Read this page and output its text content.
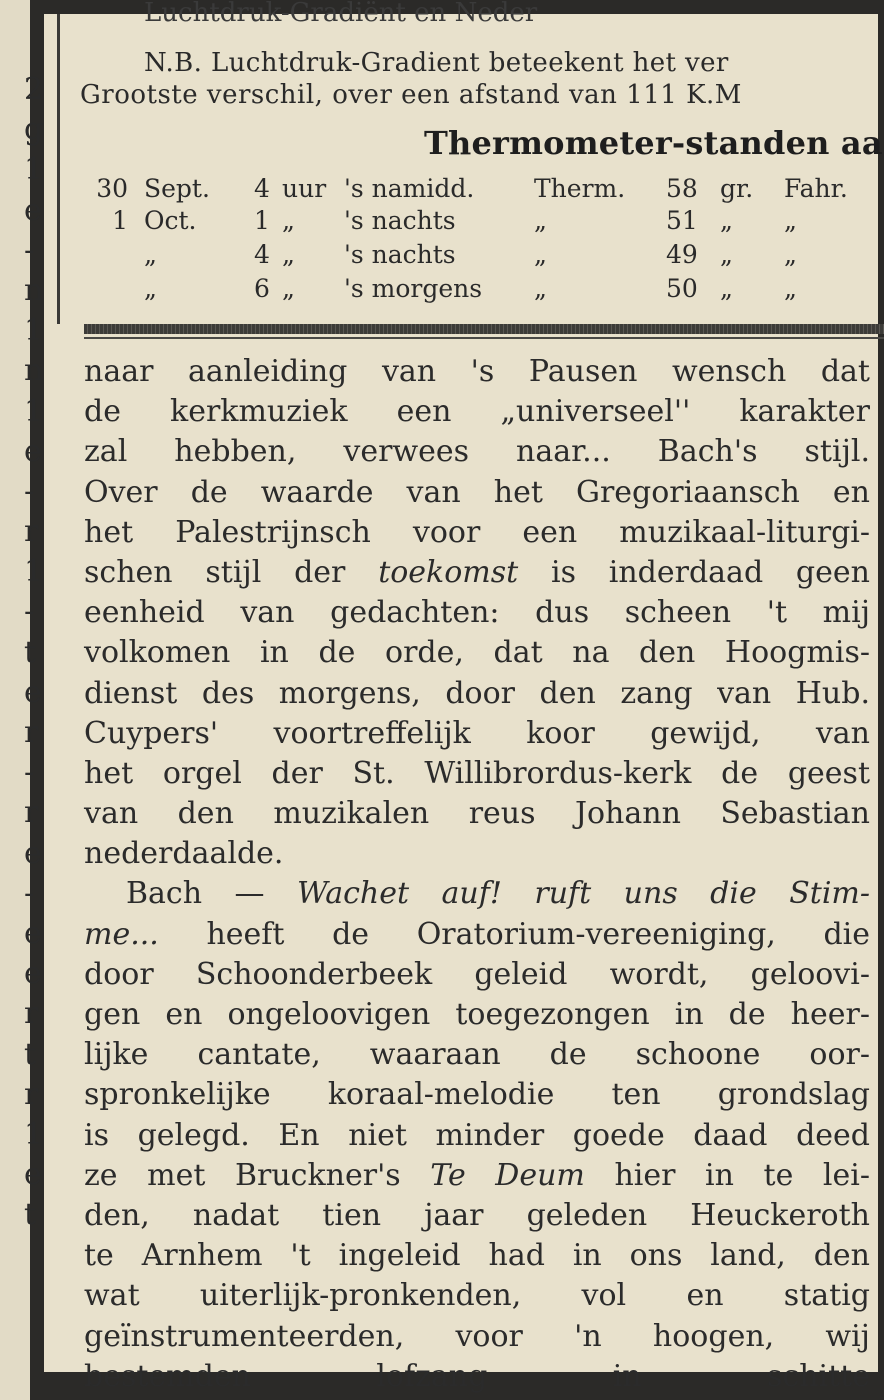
2
g
1
e
-
n
1
n
1
e
-
r
1
-
t
e
r
-
r
e
-
e
e
r
t
r
1
e
t
Luchtdruk-Gradiënt en Neder
N.B. Luchtdruk-Gradient beteekent het ver
Grootste verschil, over een afstand van 111 K.M
Thermometer-standen aa
30 Sept. 4 uur 's namidd. Therm. 58 gr. Fahr.
1 Oct. 1 „ 's nachts	„	51 „ „
„	4 „ 's nachts	„	49 „ „
„	6 „ 's morgens „	50 „ „
naar aanleiding van 's Pausen wensch dat
de kerkmuziek een „universeel'' karakter
zal hebben, verwees naar... Bach's stijl.
Over de waarde van het Gregoriaansch en
het Palestrijnsch voor een muzikaal-liturgi-
schen stijl der toekomst is inderdaad geen
eenheid van gedachten: dus scheen 't mij
volkomen in de orde, dat na den Hoogmis-
dienst des morgens, door den zang van Hub.
Cuypers' voortreffelijk koor gewijd, van
het orgel der St. Willibrordus-kerk de geest
van den muzikalen reus Johann Sebastian
nederdaalde.
Bach — Wachet auf! ruft uns die Stim-
me... heeft de Oratorium-vereeniging, die
door Schoonderbeek geleid wordt, geloovi-
gen en ongeloovigen toegezongen in de heer-
lijke cantate, waaraan de schoone oor-
spronkelijke koraal-melodie ten grondslag
is gelegd. En niet minder goede daad deed
ze met Bruckner's Te Deum hier in te lei-
den, nadat tien jaar geleden Heuckeroth
te Arnhem 't ingeleid had in ons land, den
wat uiterlijk-pronkenden, vol en statig
geïnstrumenteerden, voor 'n hoogen, wij
bestemden lofzang in schitte
